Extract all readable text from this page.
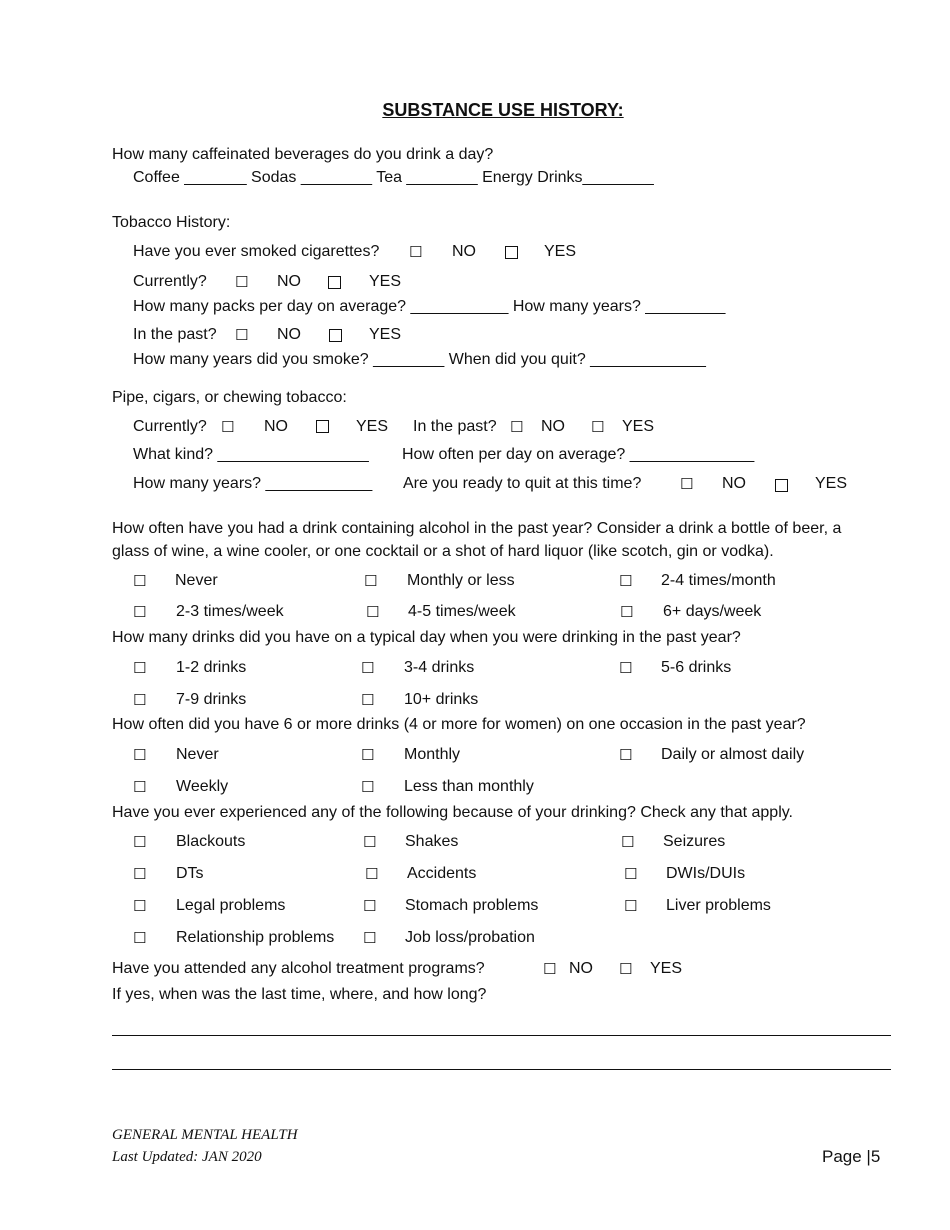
SUBSTANCE USE HISTORY:
How many caffeinated beverages do you drink a day?
Coffee _______ Sodas ________ Tea ________ Energy Drinks________
Tobacco History:
Have you ever smoked cigarettes? ☐ NO	YES
Currently? ☐ NO	YES
How many packs per day on average? ___________ How many years? _________
In the past? ☐ NO	YES
How many years did you smoke? ________ When did you quit? _____________
Pipe, cigars, or chewing tobacco:
Currently? ☐ NO	YES In the past? ☐ NO ☐ YES
What kind? _________________ How often per day on average? ______________
How many years? ____________ Are you ready to quit at this time?	☐ NO	YES
How often have you had a drink containing alcohol in the past year? Consider a drink a bottle of beer, a
glass of wine, a wine cooler, or one cocktail or a shot of hard liquor (like scotch, gin or vodka).
☐ Never	☐ Monthly or less	☐ 2-4 times/month
☐ 2-3 times/week	☐ 4-5 times/week	☐ 6+ days/week
How many drinks did you have on a typical day when you were drinking in the past year?
☐ 1-2 drinks	☐ 3-4 drinks	☐ 5-6 drinks
☐ 7-9 drinks	☐ 10+ drinks
How often did you have 6 or more drinks (4 or more for women) on one occasion in the past year?
☐ Never	☐ Monthly	☐ Daily or almost daily
☐ Weekly	☐ Less than monthly
Have you ever experienced any of the following because of your drinking? Check any that apply.
☐ Blackouts	☐ Shakes	☐ Seizures
☐ DTs	☐ Accidents	☐ DWIs/DUIs
☐ Legal problems	☐ Stomach problems	☐ Liver problems
☐ Relationship problems ☐ Job loss/probation
Have you attended any alcohol treatment programs?	☐ NO ☐ YES
If yes, when was the last time, where, and how long?
GENERAL MENTAL HEALTH
Last Updated: JAN 2020	Page |5
